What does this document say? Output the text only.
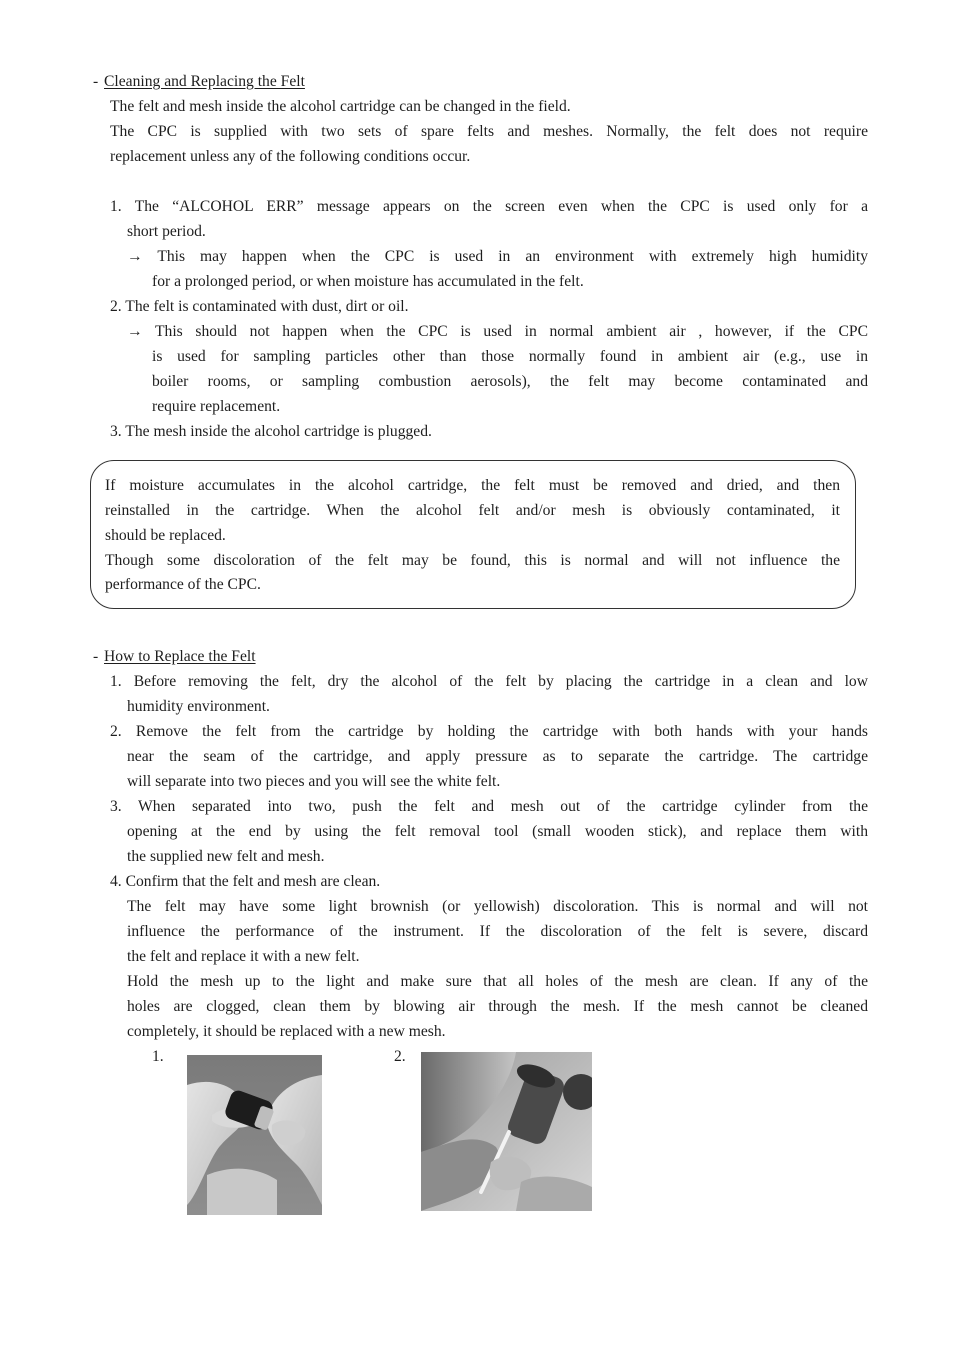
- Cleaning and Replacing the Felt
The felt and mesh inside the alcohol cartridge can be changed in the field.
The CPC is supplied with two sets of spare felts and meshes. Normally, the felt does not require
replacement unless any of the following conditions occur.
1. The “ALCOHOL ERR” message appears on the screen even when the CPC is used only for a
short period.
→ This may happen when the CPC is used in an environment with extremely high humidity
for a prolonged period, or when moisture has accumulated in the felt.
2. The felt is contaminated with dust, dirt or oil.
→ This should not happen when the CPC is used in normal ambient air , however, if the CPC
is used for sampling particles other than those normally found in ambient air (e.g., use in
boiler rooms, or sampling combustion aerosols), the felt may become contaminated and
require replacement.
3. The mesh inside the alcohol cartridge is plugged.
If moisture accumulates in the alcohol cartridge, the felt must be removed and dried, and then
reinstalled in the cartridge. When the alcohol felt and/or mesh is obviously contaminated, it
should be replaced.
Though some discoloration of the felt may be found, this is normal and will not influence the
performance of the CPC.
- How to Replace the Felt
1. Before removing the felt, dry the alcohol of the felt by placing the cartridge in a clean and low
humidity environment.
2. Remove the felt from the cartridge by holding the cartridge with both hands with your hands
near the seam of the cartridge, and apply pressure as to separate the cartridge. The cartridge
will separate into two pieces and you will see the white felt.
3. When separated into two, push the felt and mesh out of the cartridge cylinder from the
opening at the end by using the felt removal tool (small wooden stick), and replace them with
the supplied new felt and mesh.
4. Confirm that the felt and mesh are clean.
The felt may have some light brownish (or yellowish) discoloration. This is normal and will not
influence the performance of the instrument. If the discoloration of the felt is severe, discard
the felt and replace it with a new felt.
Hold the mesh up to the light and make sure that all holes of the mesh are clean. If any of the
holes are clogged, clean them by blowing air through the mesh. If the mesh cannot be cleaned
completely, it should be replaced with a new mesh.
1.	2.
